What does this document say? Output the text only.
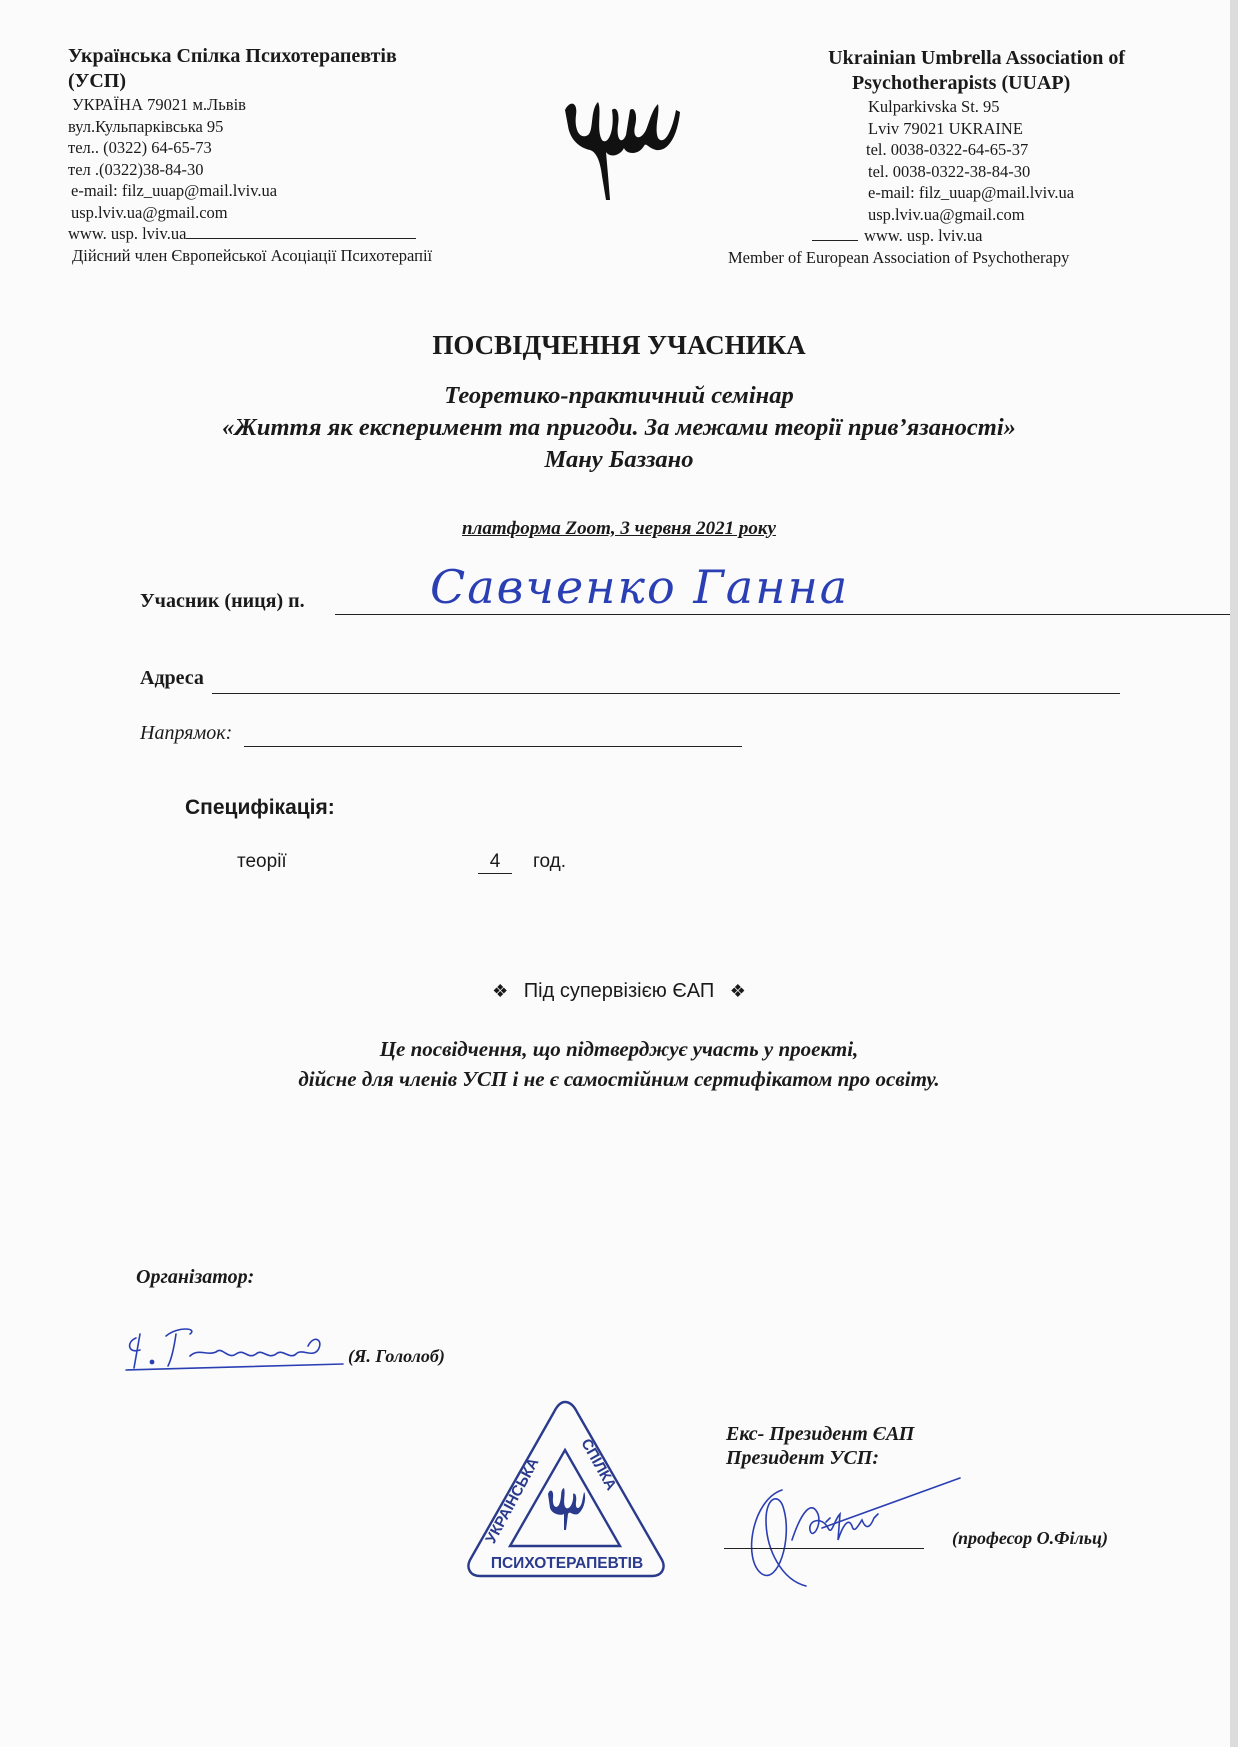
Українська Спілка Психотерапевтів
(УСП)
УКРАЇНА 79021 м.Львів
вул.Кульпарківська 95
тел.. (0322) 64-65-73
тел .(0322)38-84-30
e-mail: filz_uuap@mail.lviv.ua
usp.lviv.ua@gmail.com
www. usp. lviv.ua
Дійсний член Європейської Асоціації Психотерапії
Ukrainian Umbrella Association of
Psychotherapists (UUAP)
Kulparkivska St. 95
Lviv 79021 UKRAINE
tel. 0038-0322-64-65-37
tel. 0038-0322-38-84-30
e-mail: filz_uuap@mail.lviv.ua
usp.lviv.ua@gmail.com
www. usp. lviv.ua
Member of European Association of Psychotherapy
ПОСВІДЧЕННЯ УЧАСНИКА
Теоретико-практичний семінар
«Життя як експеримент та пригоди. За межами теорії прив’язаності»
Ману Баззано
платформа Zoom, 3 червня 2021 року
Учасник (ниця) п.	Савченко Ганна
Адреса
Напрямок:
Специфікація:
теорії	4	год.
❖ Під супервізією ЄАП ❖
Це посвідчення, що підтверджує участь у проекті,
дійсне для членів УСП і не є самостійним сертифікатом про освіту.
Організатор:
(Я. Гололоб)
УКРАЇНСЬКА
СПІЛКА
ПСИХОТЕРАПЕВТІВ
Екс- Президент ЄАП
Президент УСП:
(професор О.Фільц)
